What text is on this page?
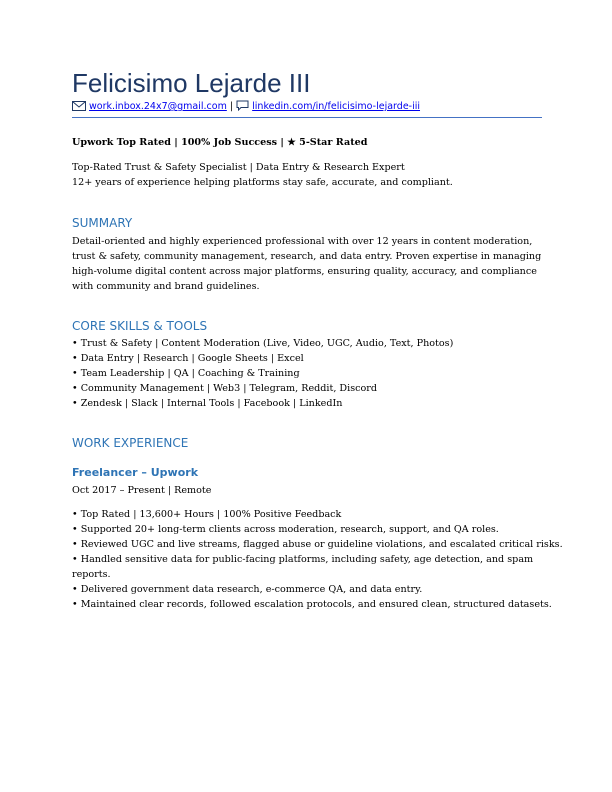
Felicisimo Lejarde III
work.inbox.24x7@gmail.com | linkedin.com/in/felicisimo-lejarde-iii
Upwork Top Rated | 100% Job Success | ★ 5-Star Rated
Top-Rated Trust & Safety Specialist | Data Entry & Research Expert
12+ years of experience helping platforms stay safe, accurate, and compliant.
SUMMARY
Detail-oriented and highly experienced professional with over 12 years in content moderation,
trust & safety, community management, research, and data entry. Proven expertise in managing
high-volume digital content across major platforms, ensuring quality, accuracy, and compliance
with community and brand guidelines.
CORE SKILLS & TOOLS
• Trust & Safety | Content Moderation (Live, Video, UGC, Audio, Text, Photos)
• Data Entry | Research | Google Sheets | Excel
• Team Leadership | QA | Coaching & Training
• Community Management | Web3 | Telegram, Reddit, Discord
• Zendesk | Slack | Internal Tools | Facebook | LinkedIn
WORK EXPERIENCE
Freelancer – Upwork
Oct 2017 – Present | Remote
• Top Rated | 13,600+ Hours | 100% Positive Feedback
• Supported 20+ long-term clients across moderation, research, support, and QA roles.
• Reviewed UGC and live streams, flagged abuse or guideline violations, and escalated critical risks.
• Handled sensitive data for public-facing platforms, including safety, age detection, and spam
reports.
• Delivered government data research, e-commerce QA, and data entry.
• Maintained clear records, followed escalation protocols, and ensured clean, structured datasets.
